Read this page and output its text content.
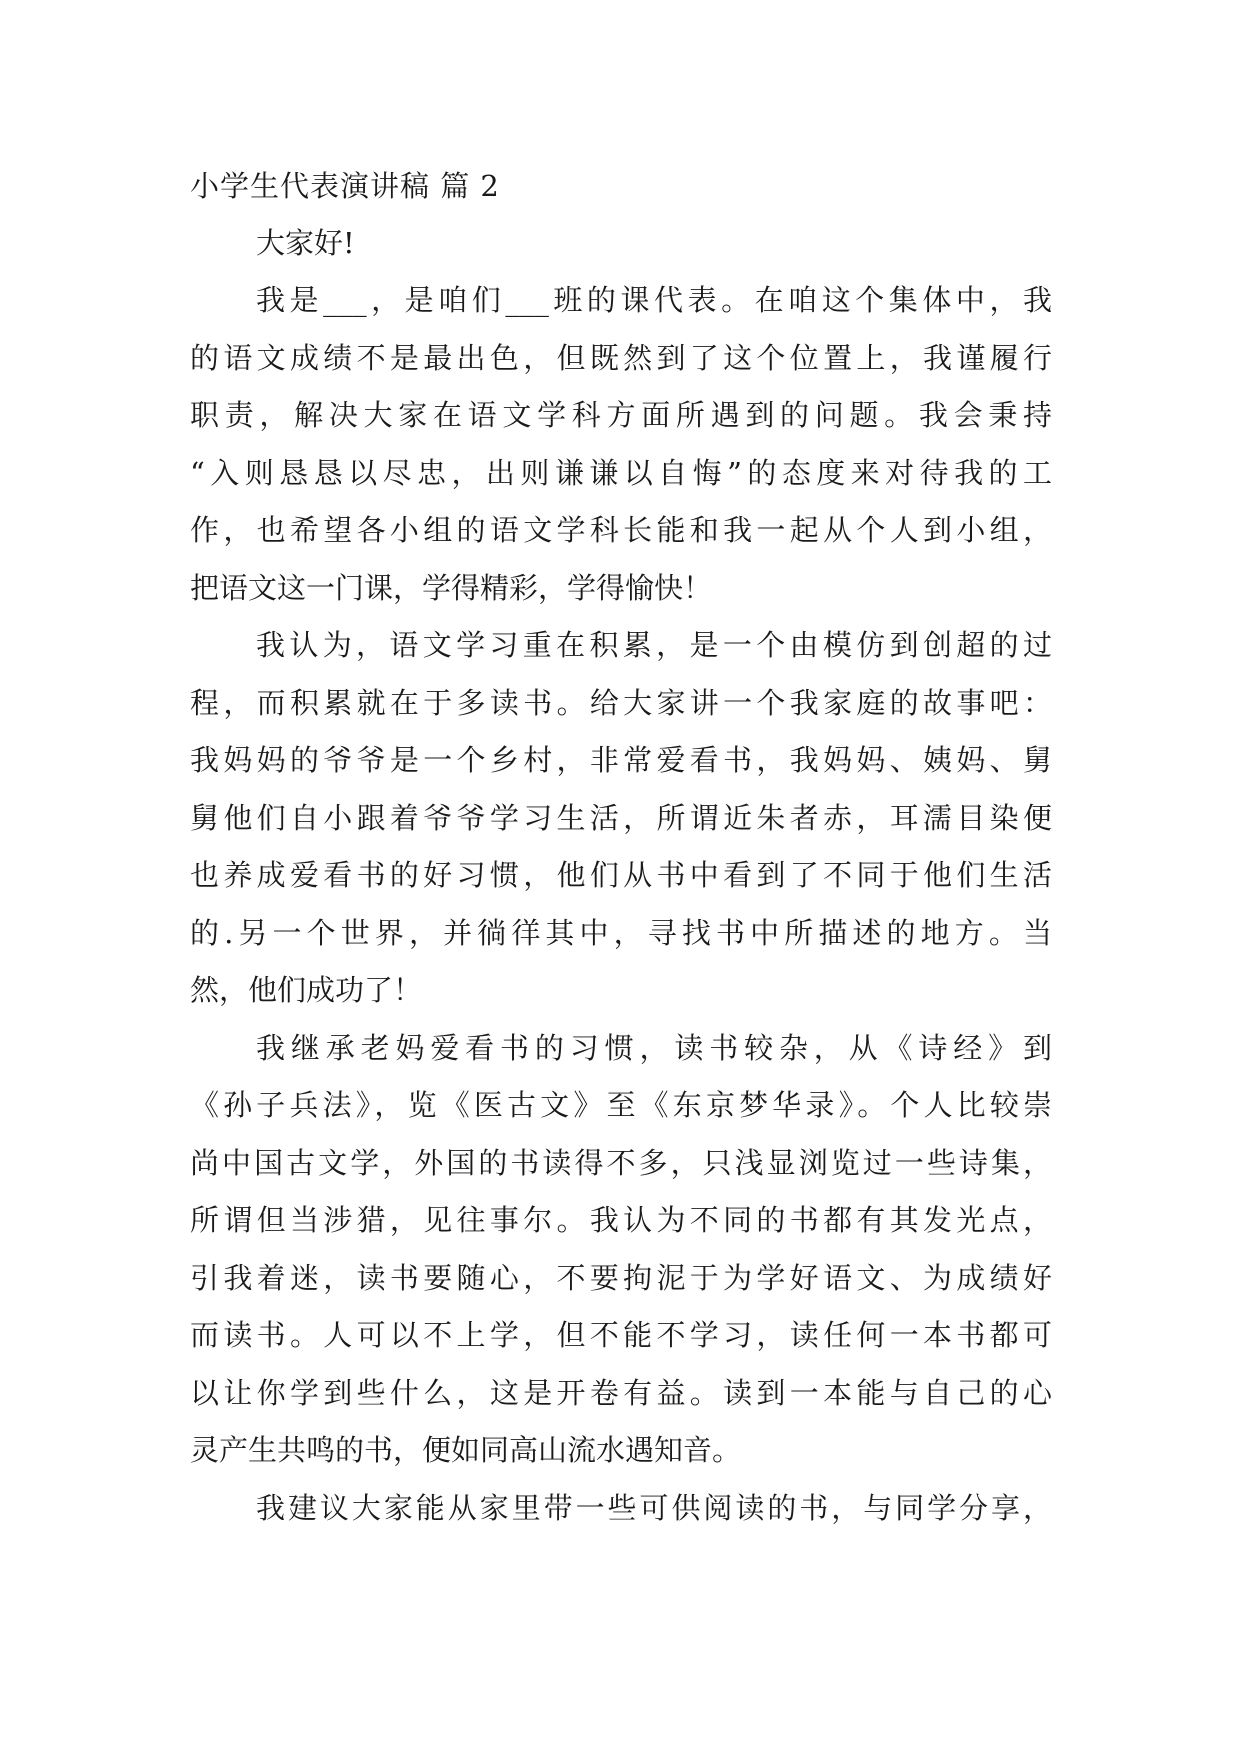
小学生代表演讲稿 篇 2
大家好!
我是___，是咱们___班的课代表。在咱这个集体中，我
的语文成绩不是最出色，但既然到了这个位置上，我谨履行
职责，解决大家在语文学科方面所遇到的问题。我会秉持
“入则恳恳以尽忠，出则谦谦以自悔”的态度来对待我的工
作，也希望各小组的语文学科长能和我一起从个人到小组，
把语文这一门课，学得精彩，学得愉快！
我认为，语文学习重在积累，是一个由模仿到创超的过
程，而积累就在于多读书。给大家讲一个我家庭的故事吧：
我妈妈的爷爷是一个乡村，非常爱看书，我妈妈、姨妈、舅
舅他们自小跟着爷爷学习生活，所谓近朱者赤，耳濡目染便
也养成爱看书的好习惯，他们从书中看到了不同于他们生活
的.另一个世界，并徜徉其中，寻找书中所描述的地方。当
然，他们成功了！
我继承老妈爱看书的习惯，读书较杂，从《诗经》到
《孙子兵法》，览《医古文》至《东京梦华录》。个人比较崇
尚中国古文学，外国的书读得不多，只浅显浏览过一些诗集，
所谓但当涉猎，见往事尔。我认为不同的书都有其发光点，
引我着迷，读书要随心，不要拘泥于为学好语文、为成绩好
而读书。人可以不上学，但不能不学习，读任何一本书都可
以让你学到些什么，这是开卷有益。读到一本能与自己的心
灵产生共鸣的书，便如同高山流水遇知音。
我建议大家能从家里带一些可供阅读的书，与同学分享，
